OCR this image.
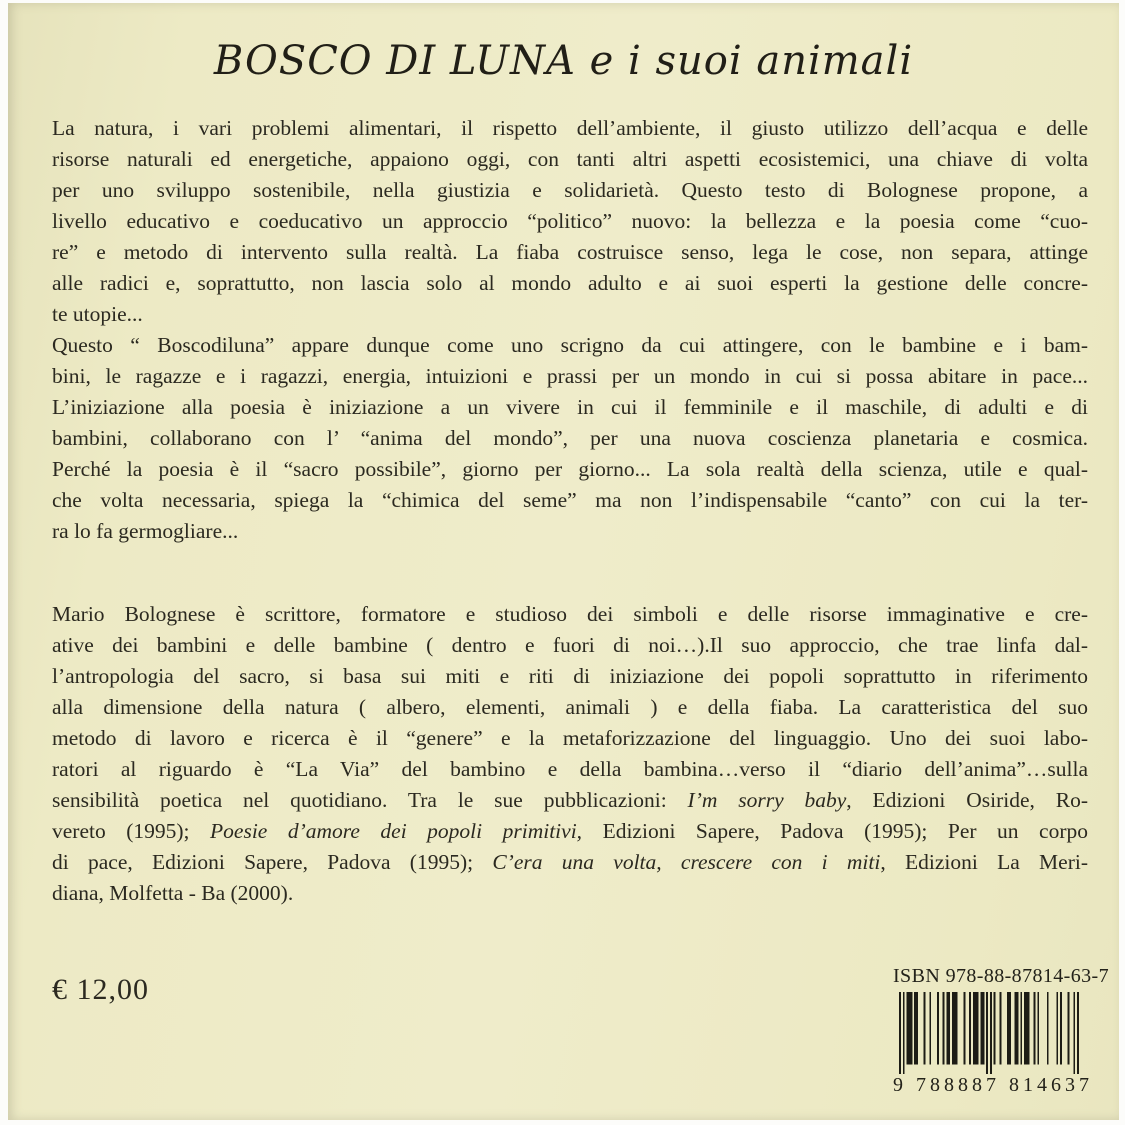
BOSCO DI LUNA e i suoi animali
La natura, i vari problemi alimentari, il rispetto dell’ambiente, il giusto utilizzo dell’acqua e delle
risorse naturali ed energetiche, appaiono oggi, con tanti altri aspetti ecosistemici, una chiave di volta
per uno sviluppo sostenibile, nella giustizia e solidarietà. Questo testo di Bolognese propone, a
livello educativo e coeducativo un approccio “politico” nuovo: la bellezza e la poesia come “cuo-
re” e metodo di intervento sulla realtà. La fiaba costruisce senso, lega le cose, non separa, attinge
alle radici e, soprattutto, non lascia solo al mondo adulto e ai suoi esperti la gestione delle concre-
te utopie...
Questo “ Boscodiluna” appare dunque come uno scrigno da cui attingere, con le bambine e i bam-
bini, le ragazze e i ragazzi, energia, intuizioni e prassi per un mondo in cui si possa abitare in pace...
L’iniziazione alla poesia è iniziazione a un vivere in cui il femminile e il maschile, di adulti e di
bambini, collaborano con l’ “anima del mondo”, per una nuova coscienza planetaria e cosmica.
Perché la poesia è il “sacro possibile”, giorno per giorno... La sola realtà della scienza, utile e qual-
che volta necessaria, spiega la “chimica del seme” ma non l’indispensabile “canto” con cui la ter-
ra lo fa germogliare...
Mario Bolognese è scrittore, formatore e studioso dei simboli e delle risorse immaginative e cre-
ative dei bambini e delle bambine ( dentro e fuori di noi…).Il suo approccio, che trae linfa dal-
l’antropologia del sacro, si basa sui miti e riti di iniziazione dei popoli soprattutto in riferimento
alla dimensione della natura ( albero, elementi, animali ) e della fiaba. La caratteristica del suo
metodo di lavoro e ricerca è il “genere” e la metaforizzazione del linguaggio. Uno dei suoi labo-
ratori al riguardo è “La Via” del bambino e della bambina…verso il “diario dell’anima”…sulla
sensibilità poetica nel quotidiano. Tra le sue pubblicazioni: I’m sorry baby, Edizioni Osiride, Ro-
vereto (1995); Poesie d’amore dei popoli primitivi, Edizioni Sapere, Padova (1995); Per un corpo
di pace, Edizioni Sapere, Padova (1995); C’era una volta, crescere con i miti, Edizioni La Meri-
diana, Molfetta - Ba (2000).
€ 12,00	ISBN 978-88-87814-63-7
9 788887 814637
